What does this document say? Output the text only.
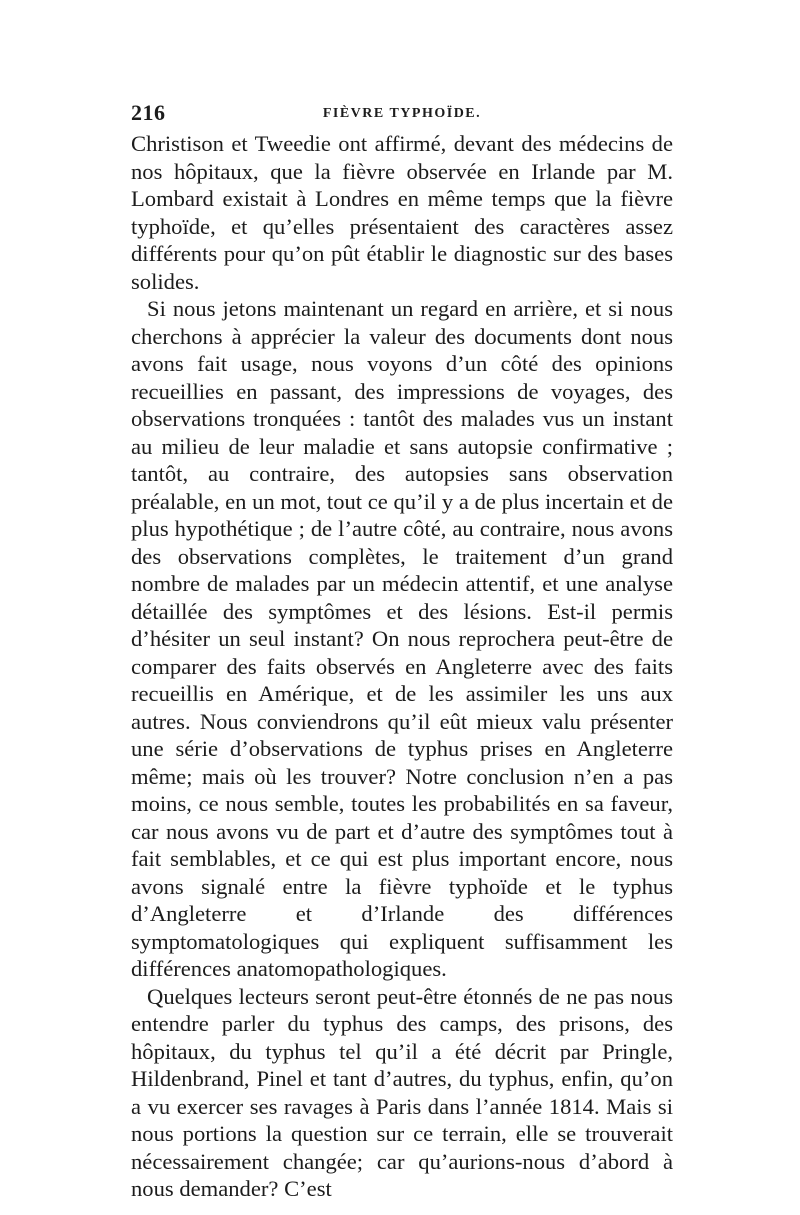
216	FIÈVRE TYPHOÏDE.

Christison et Tweedie ont affirmé, devant des médecins de nos hôpitaux, que la fièvre observée en Irlande par M. Lombard existait à Londres en même temps que la fièvre typhoïde, et qu’elles présentaient des caractères assez différents pour qu’on pût établir le diagnostic sur des bases solides.

Si nous jetons maintenant un regard en arrière, et si nous cherchons à apprécier la valeur des documents dont nous avons fait usage, nous voyons d’un côté des opinions recueillies en passant, des impressions de voyages, des observations tronquées : tantôt des malades vus un instant au milieu de leur maladie et sans autopsie confirmative ; tantôt, au contraire, des autopsies sans observation préalable, en un mot, tout ce qu’il y a de plus incertain et de plus hypothétique ; de l’autre côté, au contraire, nous avons des observations complètes, le traitement d’un grand nombre de malades par un médecin attentif, et une analyse détaillée des symptômes et des lésions. Est-il permis d’hésiter un seul instant? On nous reprochera peut-être de comparer des faits observés en Angleterre avec des faits recueillis en Amérique, et de les assimiler les uns aux autres. Nous conviendrons qu’il eût mieux valu présenter une série d’observations de typhus prises en Angleterre même; mais où les trouver? Notre conclusion n’en a pas moins, ce nous semble, toutes les probabilités en sa faveur, car nous avons vu de part et d’autre des symptômes tout à fait semblables, et ce qui est plus important encore, nous avons signalé entre la fièvre typhoïde et le typhus d’Angleterre et d’Irlande des différences symptomatologiques qui expliquent suffisamment les différences anatomopathologiques.

Quelques lecteurs seront peut-être étonnés de ne pas nous entendre parler du typhus des camps, des prisons, des hôpitaux, du typhus tel qu’il a été décrit par Pringle, Hildenbrand, Pinel et tant d’autres, du typhus, enfin, qu’on a vu exercer ses ravages à Paris dans l’année 1814. Mais si nous portions la question sur ce terrain, elle se trouverait nécessairement changée; car qu’aurions-nous d’abord à nous demander? C’est
